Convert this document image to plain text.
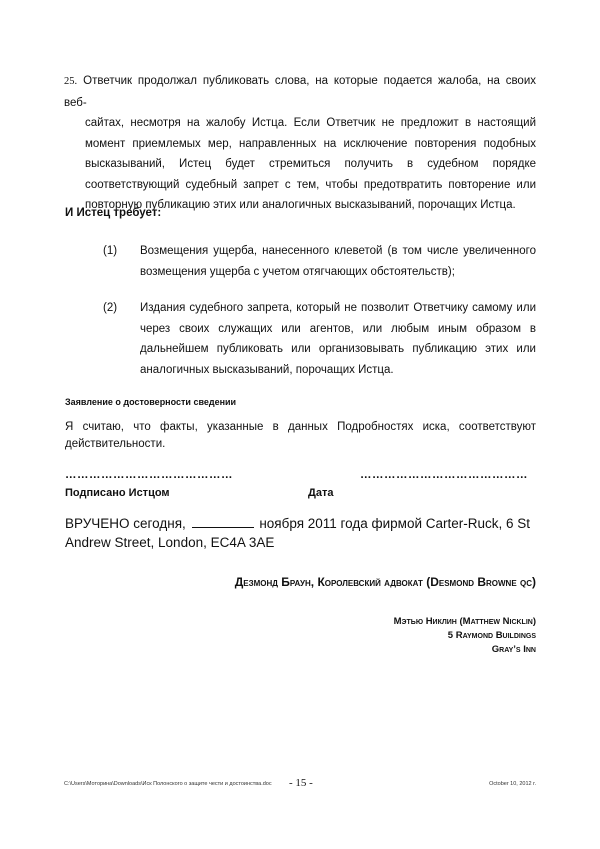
25. Ответчик продолжал публиковать слова, на которые подается жалоба, на своих веб-
сайтах, несмотря на жалобу Истца. Если Ответчик не предложит в настоящий момент приемлемых мер, направленных на исключение повторения подобных высказываний, Истец будет стремиться получить в судебном порядке соответствующий судебный запрет с тем, чтобы предотвратить повторение или повторную публикацию этих или аналогичных высказываний, порочащих Истца.
И Истец требует:
(1)	Возмещения ущерба, нанесенного клеветой (в том числе увеличенного возмещения ущерба с учетом отягчающих обстоятельств);
(2)	Издания судебного запрета, который не позволит Ответчику самому или через своих служащих или агентов, или любым иным образом в дальнейшем публиковать или организовывать публикацию этих или аналогичных высказываний, порочащих Истца.
Заявление о достоверности сведении
Я считаю, что факты, указанные в данных Подробностях иска, соответствуют действительности.
……………………………………	……………………………………
Подписано Истцом	Дата
ВРУЧЕНО сегодня,	ноября 2011 года фирмой Carter-Ruck, 6 St Andrew Street, London, EC4A 3AE
Дезмонд Браун, Королевский адвокат (Desmond Browne qc)
Мэтью Никлин (Matthew Nicklin)
5 Raymond Buildings
Gray’s Inn
C:\Users\Моторина\Downloads\Иск Полонского о защите чести и достоинства.doc - 15 -	October 10, 2012 г.
